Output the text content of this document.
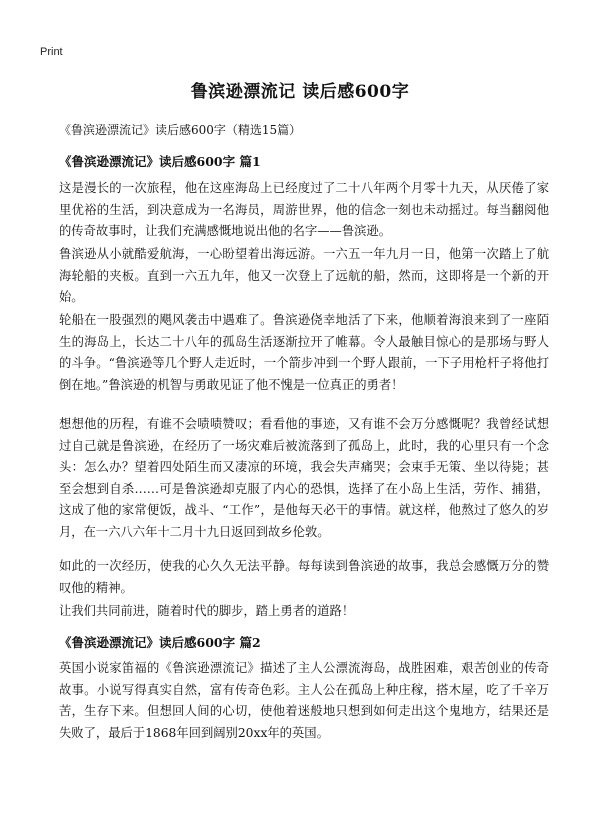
Print
鲁滨逊漂流记 读后感600字
《鲁滨逊漂流记》读后感600字（精选15篇）
《鲁滨逊漂流记》读后感600字 篇1
这是漫长的一次旅程，他在这座海岛上已经度过了二十八年两个月零十九天，从厌倦了家里优裕的生活，到决意成为一名海员，周游世界，他的信念一刻也未动摇过。每当翻阅他的传奇故事时，让我们充满感慨地说出他的名字——鲁滨逊。
鲁滨逊从小就酷爱航海，一心盼望着出海远游。一六五一年九月一日，他第一次踏上了航海轮船的夹板。直到一六五九年，他又一次登上了远航的船，然而，这即将是一个新的开始。
轮船在一股强烈的飓风袭击中遇难了。鲁滨逊侥幸地活了下来，他顺着海浪来到了一座陌生的海岛上，长达二十八年的孤岛生活逐渐拉开了帷幕。令人最触目惊心的是那场与野人的斗争。“鲁滨逊等几个野人走近时，一个箭步冲到一个野人跟前，一下子用枪杆子将他打倒在地。”鲁滨逊的机智与勇敢见证了他不愧是一位真正的勇者！
想想他的历程，有谁不会啧啧赞叹；看看他的事迹，又有谁不会万分感慨呢？我曾经试想过自己就是鲁滨逊，在经历了一场灾难后被流落到了孤岛上，此时，我的心里只有一个念头：怎么办？望着四处陌生而又凄凉的环境，我会失声痛哭；会束手无策、坐以待毙；甚至会想到自杀……可是鲁滨逊却克服了内心的恐惧，选择了在小岛上生活，劳作、捕猎，这成了他的家常便饭，战斗、“工作”，是他每天必干的事情。就这样，他熬过了悠久的岁月，在一六八六年十二月十九日返回到故乡伦敦。
如此的一次经历，使我的心久久无法平静。每每读到鲁滨逊的故事，我总会感慨万分的赞叹他的精神。
让我们共同前进，随着时代的脚步，踏上勇者的道路！
《鲁滨逊漂流记》读后感600字 篇2
英国小说家笛福的《鲁滨逊漂流记》描述了主人公漂流海岛，战胜困难，艰苦创业的传奇故事。小说写得真实自然，富有传奇色彩。主人公在孤岛上种庄稼，搭木屋，吃了千辛万苦，生存下来。但想回人间的心切，使他着迷般地只想到如何走出这个鬼地方，结果还是失败了，最后于1868年回到阔别20xx年的英国。
